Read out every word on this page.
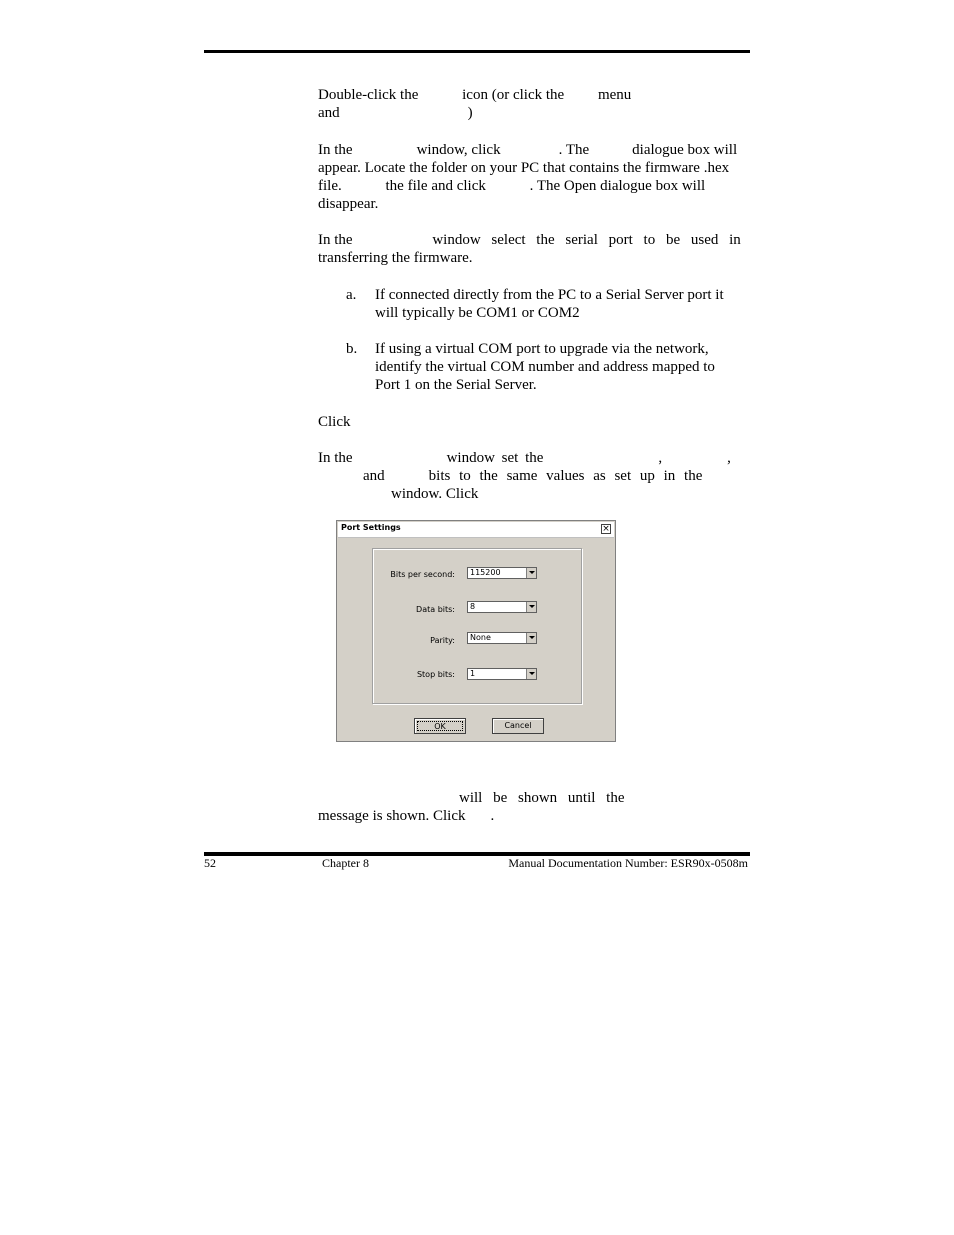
Double-click the	icon (or click the menu
and	)
In the	window, click	. The	dialogue box will
appear. Locate the folder on your PC that contains the firmware .hex
file.	the file and click	. The Open dialogue box will
disappear.
In the	window select the serial port to be used in
transferring the firmware.
a. If connected directly from the PC to a Serial Server port it
will typically be COM1 or COM2
b. If using a virtual COM port to upgrade via the network,
identify the virtual COM number and address mapped to
Port 1 on the Serial Server.
Click
In the	window set the	,	,
and	bits to the same values as set up in the
window. Click
Port Settings	×
Bits per second: 115200
Data bits: 8
Parity: None
Stop bits: 1
OK	Cancel
will be shown until the
message is shown. Click .
52	Chapter 8	Manual Documentation Number: ESR90x-0508m
